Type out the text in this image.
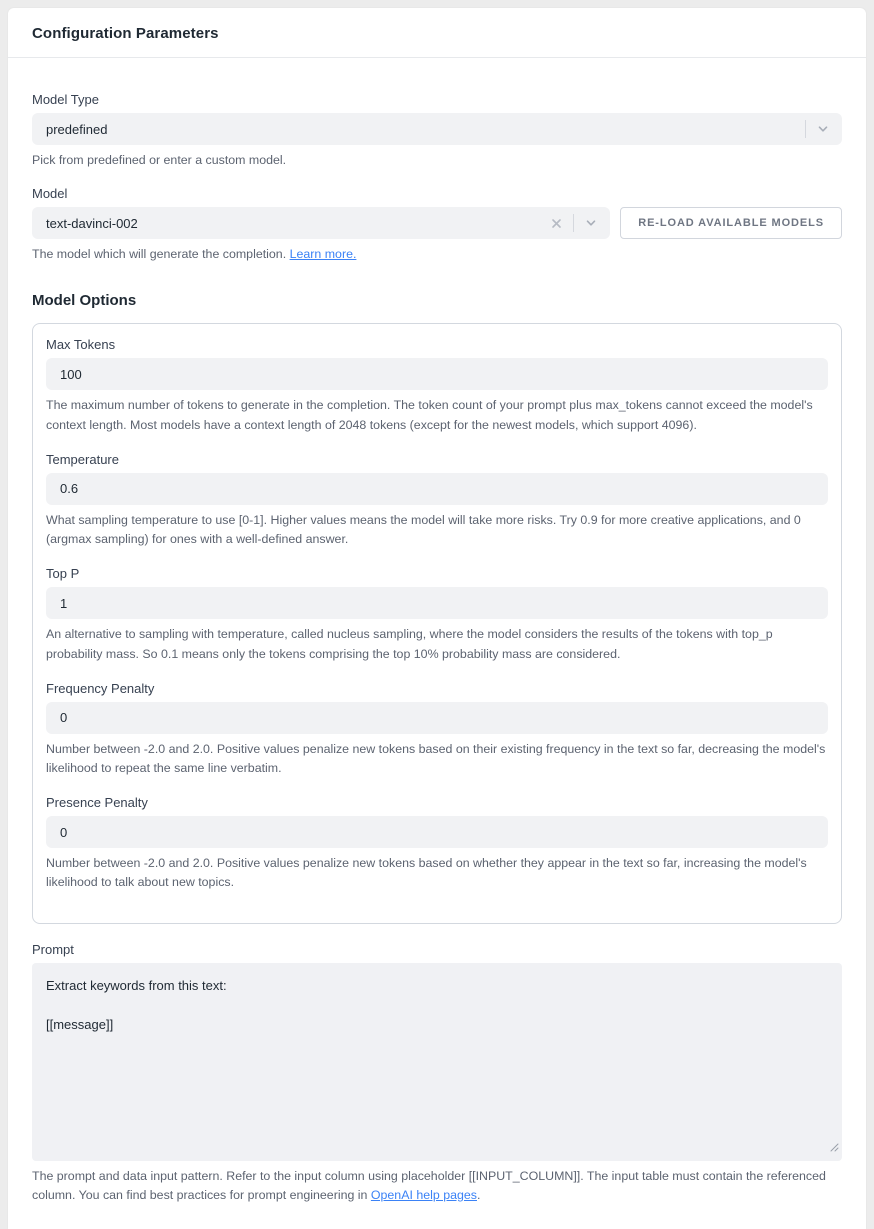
Configuration Parameters
Model Type
predefined
Pick from predefined or enter a custom model.
Model
text-davinci-002	RE-LOAD AVAILABLE MODELS
The model which will generate the completion. Learn more.
Model Options
Max Tokens
100
The maximum number of tokens to generate in the completion. The token count of your prompt plus max_tokens cannot exceed the model's context length. Most models have a context length of 2048 tokens (except for the newest models, which support 4096).
Temperature
0.6
What sampling temperature to use [0-1]. Higher values means the model will take more risks. Try 0.9 for more creative applications, and 0 (argmax sampling) for ones with a well-defined answer.
Top P
1
An alternative to sampling with temperature, called nucleus sampling, where the model considers the results of the tokens with top_p probability mass. So 0.1 means only the tokens comprising the top 10% probability mass are considered.
Frequency Penalty
0
Number between -2.0 and 2.0. Positive values penalize new tokens based on their existing frequency in the text so far, decreasing the model's likelihood to repeat the same line verbatim.
Presence Penalty
0
Number between -2.0 and 2.0. Positive values penalize new tokens based on whether they appear in the text so far, increasing the model's likelihood to talk about new topics.
Prompt
Extract keywords from this text: [[message]]
The prompt and data input pattern. Refer to the input column using placeholder [[INPUT_COLUMN]]. The input table must contain the referenced column. You can find best practices for prompt engineering in OpenAI help pages.
